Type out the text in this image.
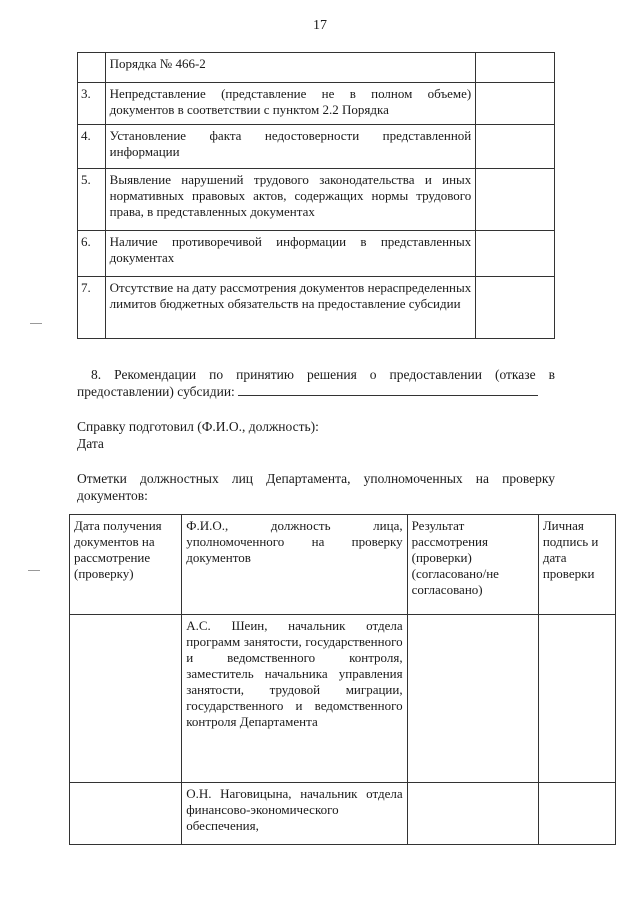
17
	Порядка № 466-2	
3.	Непредставление (представление не в полном объеме) документов в соответствии с пунктом 2.2 Порядка	
4.	Установление факта недостоверности представленной информации	
5.	Выявление нарушений трудового законодательства и иных нормативных правовых актов, содержащих нормы трудового права, в представленных документах	
6.	Наличие противоречивой информации в представленных документах	
7.	Отсутствие на дату рассмотрения документов нераспределенных лимитов бюджетных обязательств на предоставление субсидии	
8. Рекомендации по принятию решения о предоставлении (отказе в предоставлении) субсидии:
Справку подготовил (Ф.И.О., должность):
Дата
Отметки должностных лиц Департамента, уполномоченных на проверку документов:
Дата получения документов на рассмотрение (проверку)	Ф.И.О., должность лица, уполномоченного на проверку документов	Результат рассмотрения (проверки) (согласовано/не согласовано)	Личная подпись и дата проверки
	А.С. Шеин, начальник отдела программ занятости, государственного и ведомственного контроля, заместитель начальника управления занятости, трудовой миграции, государственного и ведомственного контроля Департамента		
	О.Н. Наговицына, начальник отдела финансово-экономического обеспечения,		
